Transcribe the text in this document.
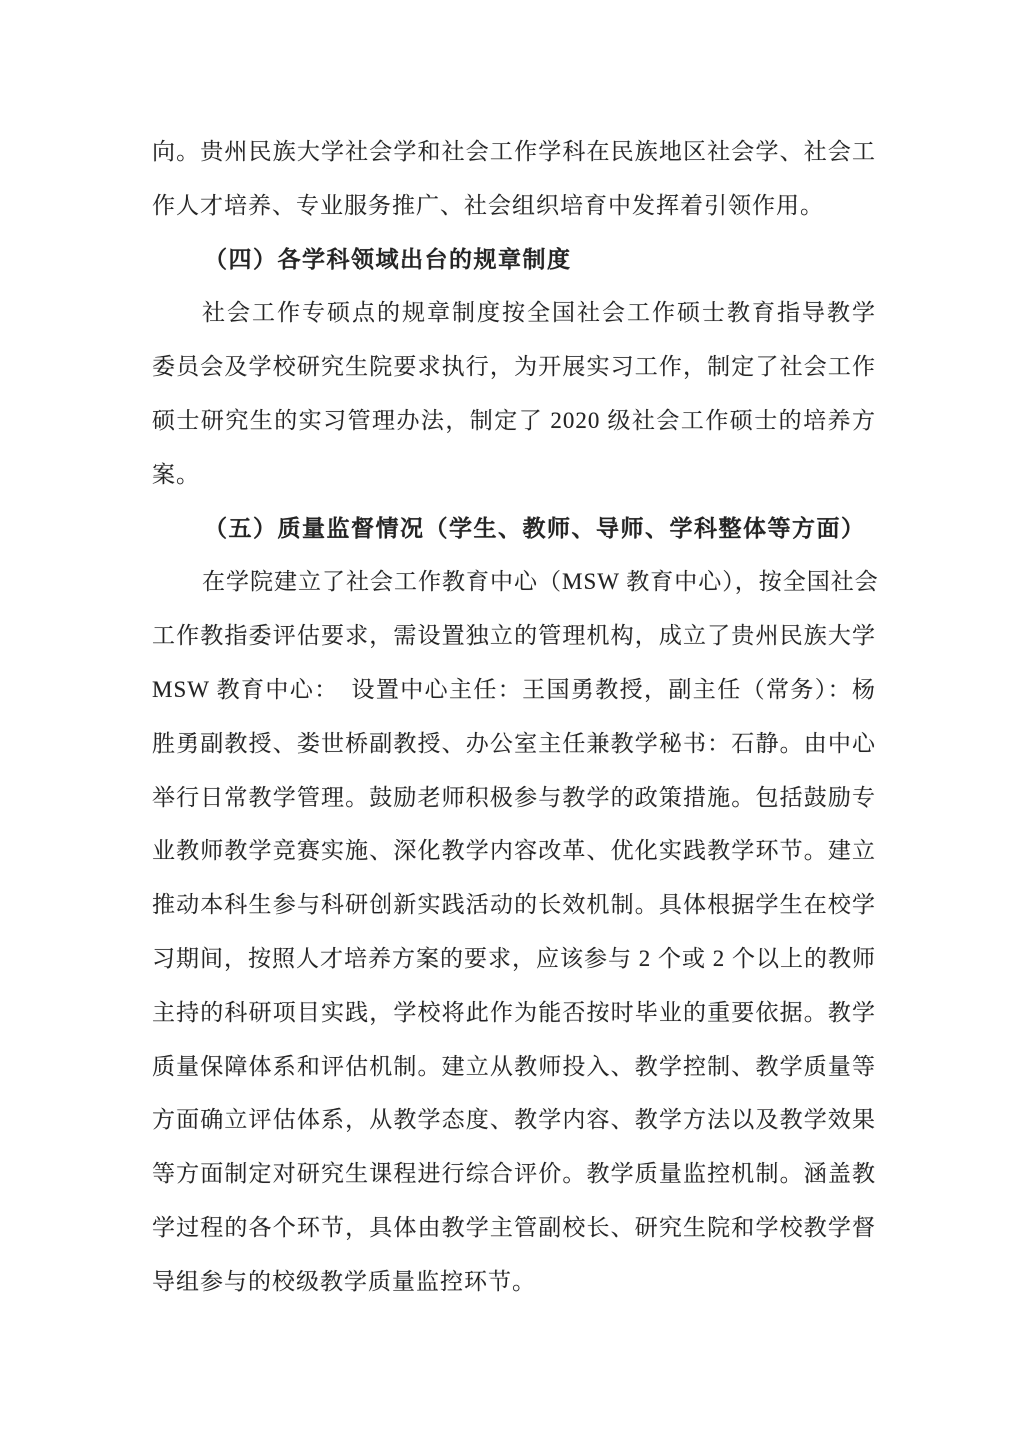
向。贵州民族大学社会学和社会工作学科在民族地区社会学、社会工
作人才培养、专业服务推广、社会组织培育中发挥着引领作用。
（四）各学科领域出台的规章制度
社会工作专硕点的规章制度按全国社会工作硕士教育指导教学
委员会及学校研究生院要求执行，为开展实习工作，制定了社会工作
硕士研究生的实习管理办法，制定了 2020 级社会工作硕士的培养方
案。
（五）质量监督情况（学生、教师、导师、学科整体等方面）
在学院建立了社会工作教育中心（MSW 教育中心），按全国社会
工作教指委评估要求，需设置独立的管理机构，成立了贵州民族大学
MSW 教育中心：　设置中心主任：王国勇教授，副主任（常务）：杨
胜勇副教授、娄世桥副教授、办公室主任兼教学秘书：石静。由中心
举行日常教学管理。鼓励老师积极参与教学的政策措施。包括鼓励专
业教师教学竞赛实施、深化教学内容改革、优化实践教学环节。建立
推动本科生参与科研创新实践活动的长效机制。具体根据学生在校学
习期间，按照人才培养方案的要求，应该参与 2 个或 2 个以上的教师
主持的科研项目实践，学校将此作为能否按时毕业的重要依据。教学
质量保障体系和评估机制。建立从教师投入、教学控制、教学质量等
方面确立评估体系，从教学态度、教学内容、教学方法以及教学效果
等方面制定对研究生课程进行综合评价。教学质量监控机制。涵盖教
学过程的各个环节，具体由教学主管副校长、研究生院和学校教学督
导组参与的校级教学质量监控环节。
